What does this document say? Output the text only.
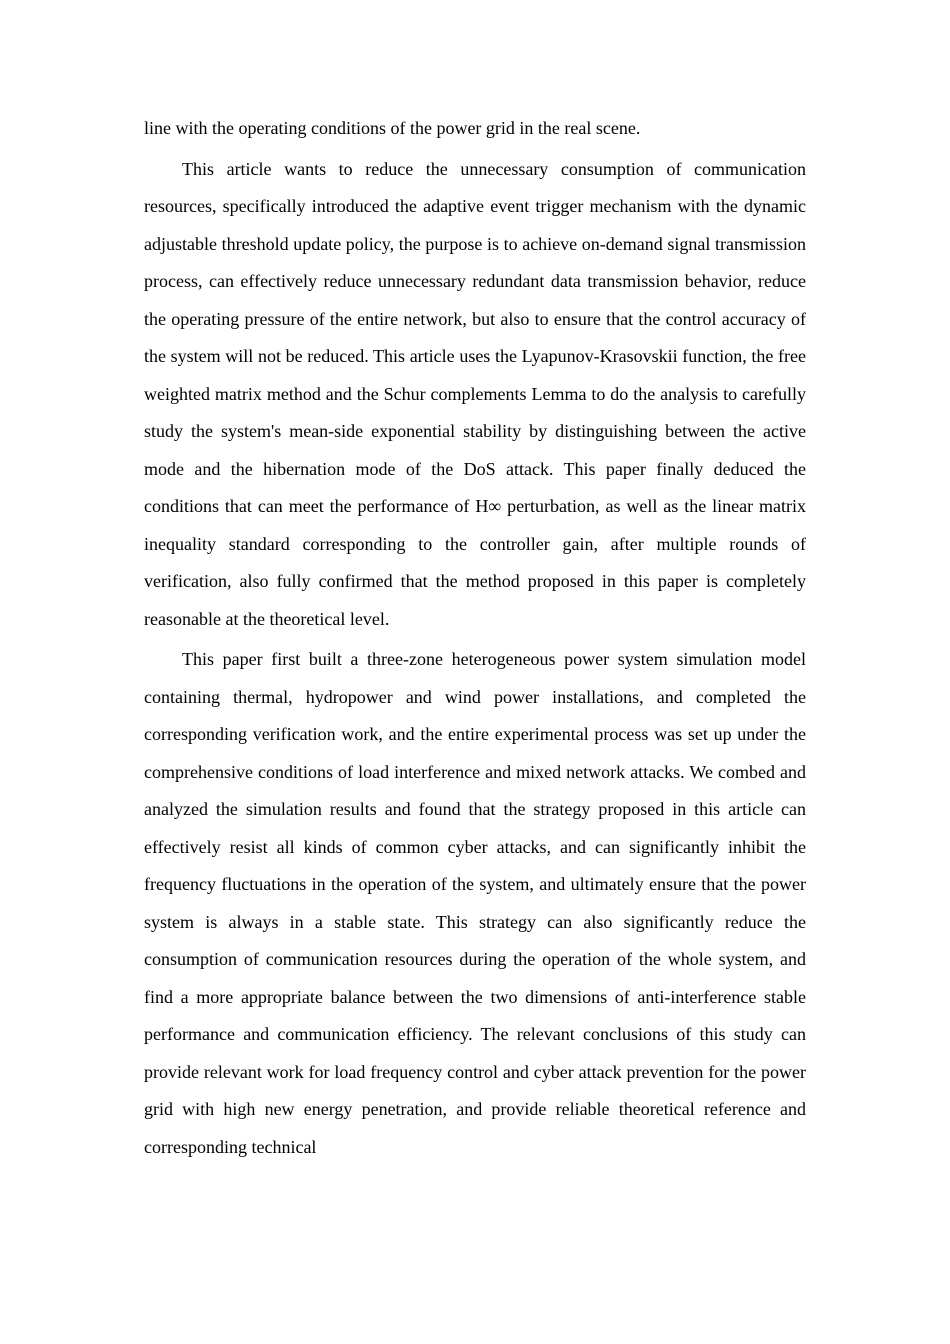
line with the operating conditions of the power grid in the real scene.

This article wants to reduce the unnecessary consumption of communication resources, specifically introduced the adaptive event trigger mechanism with the dynamic adjustable threshold update policy, the purpose is to achieve on-demand signal transmission process, can effectively reduce unnecessary redundant data transmission behavior, reduce the operating pressure of the entire network, but also to ensure that the control accuracy of the system will not be reduced. This article uses the Lyapunov-Krasovskii function, the free weighted matrix method and the Schur complements Lemma to do the analysis to carefully study the system's mean-side exponential stability by distinguishing between the active mode and the hibernation mode of the DoS attack. This paper finally deduced the conditions that can meet the performance of H∞ perturbation, as well as the linear matrix inequality standard corresponding to the controller gain, after multiple rounds of verification, also fully confirmed that the method proposed in this paper is completely reasonable at the theoretical level.

This paper first built a three-zone heterogeneous power system simulation model containing thermal, hydropower and wind power installations, and completed the corresponding verification work, and the entire experimental process was set up under the comprehensive conditions of load interference and mixed network attacks. We combed and analyzed the simulation results and found that the strategy proposed in this article can effectively resist all kinds of common cyber attacks, and can significantly inhibit the frequency fluctuations in the operation of the system, and ultimately ensure that the power system is always in a stable state. This strategy can also significantly reduce the consumption of communication resources during the operation of the whole system, and find a more appropriate balance between the two dimensions of anti-interference stable performance and communication efficiency. The relevant conclusions of this study can provide relevant work for load frequency control and cyber attack prevention for the power grid with high new energy penetration, and provide reliable theoretical reference and corresponding technical
